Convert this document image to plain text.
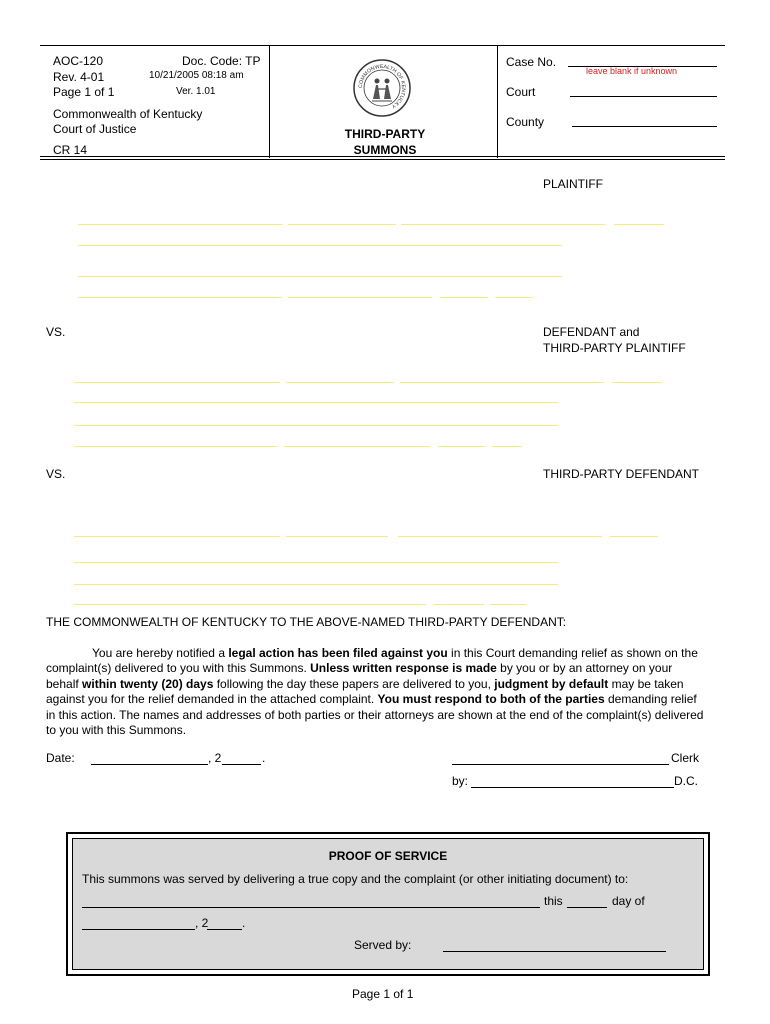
AOC-120
Rev. 4-01
Page 1 of 1
Doc. Code: TP
10/21/2005 08:18 am
Ver. 1.01
Commonwealth of Kentucky
Court of Justice
CR 14
COMMONWEALTH OF KENTUCKY
THIRD-PARTY
SUMMONS
Case No.
leave blank if unknown
Court
County
PLAINTIFF
VS.	DEFENDANT and
THIRD-PARTY PLAINTIFF
VS.	THIRD-PARTY DEFENDANT
THE COMMONWEALTH OF KENTUCKY TO THE ABOVE-NAMED THIRD-PARTY DEFENDANT:
You are hereby notified a legal action has been filed against you in this Court demanding relief as shown on the complaint(s) delivered to you with this Summons. Unless written response is made by you or by an attorney on your behalf within twenty (20) days following the day these papers are delivered to you, judgment by default may be taken against you for the relief demanded in the attached complaint. You must respond to both of the parties demanding relief in this action. The names and addresses of both parties or their attorneys are shown at the end of the complaint(s) delivered to you with this Summons.
Date:	, 2	.	Clerk
by:	D.C.
PROOF OF SERVICE
This summons was served by delivering a true copy and the complaint (or other initiating document) to:
this	day of
, 2	.
Served by:
Page 1 of 1
